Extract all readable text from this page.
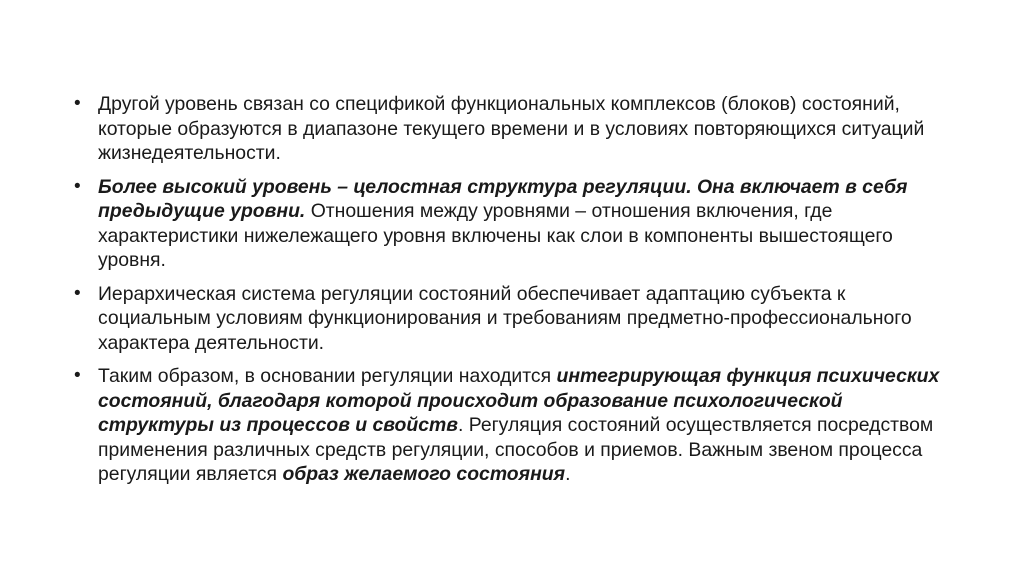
• Другой уровень связан со спецификой функциональных комплексов (блоков) состояний, которые образуются в диапазоне текущего времени и в условиях повторяющихся ситуаций жизнедеятельности.
• Более высокий уровень – целостная структура регуляции. Она включает в себя предыдущие уровни. Отношения между уровнями – отношения включения, где характеристики нижележащего уровня включены как слои в компоненты вышестоящего уровня.
• Иерархическая система регуляции состояний обеспечивает адаптацию субъекта к социальным условиям функционирования и требованиям предметно-профессионального характера деятельности.
• Таким образом, в основании регуляции находится интегрирующая функция психических состояний, благодаря которой происходит образование психологической структуры из процессов и свойств. Регуляция состояний осуществляется посредством применения различных средств регуляции, способов и приемов. Важным звеном процесса регуляции является образ желаемого состояния.
